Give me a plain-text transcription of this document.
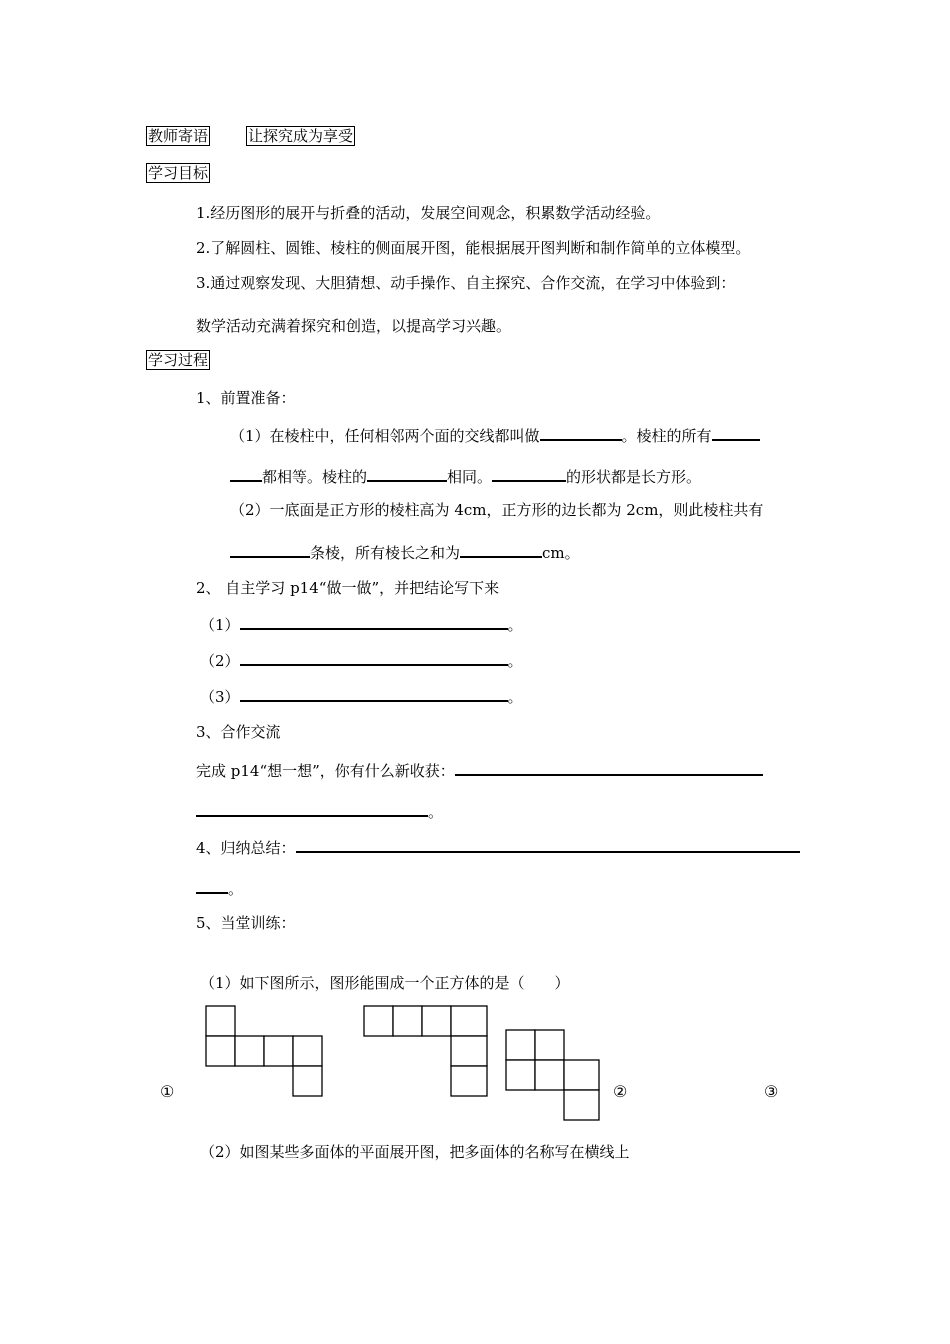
教师寄语	让探究成为享受
学习目标
1.经历图形的展开与折叠的活动，发展空间观念，积累数学活动经验。
2.了解圆柱、圆锥、棱柱的侧面展开图，能根据展开图判断和制作简单的立体模型。
3.通过观察发现、大胆猜想、动手操作、自主探究、合作交流，在学习中体验到：
数学活动充满着探究和创造，以提高学习兴趣。
学习过程
1、前置准备：
（1）在棱柱中，任何相邻两个面的交线都叫做	。棱柱的所有
都相等。棱柱的	相同。	的形状都是长方形。
（2）一底面是正方形的棱柱高为 4cm，正方形的边长都为 2cm，则此棱柱共有
条棱，所有棱长之和为	cm。
2、 自主学习 p14“做一做”，并把结论写下来
（1）	。
（2）	。
（3）	。
3、合作交流
完成 p14“想一想”，你有什么新收获：
。
4、归纳总结：
。
5、当堂训练：
（1）如下图所示，图形能围成一个正方体的是（　　）
①	②	③
（2）如图某些多面体的平面展开图，把多面体的名称写在横线上
